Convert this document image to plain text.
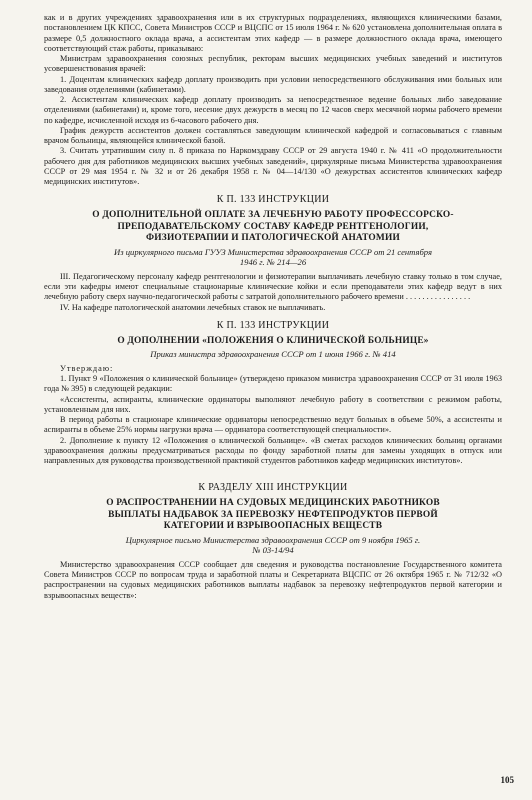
как и в других учреждениях здравоохранения или в их структурных подразделениях, являющихся клиническими базами, постановлением ЦК КПСС, Совета Министров СССР и ВЦСПС от 15 июля 1964 г. № 620 установлена дополнительная оплата в размере 0,5 должностного оклада врача, а ассистентам этих кафедр — в размере должностного оклада врача, имеющего соответствующий стаж работы, приказываю:

Министрам здравоохранения союзных республик, ректорам высших медицинских учебных заведений и институтов усовершенствования врачей:

1. Доцентам клинических кафедр доплату производить при условии непосредственного обслуживания ими больных или заведования отделениями (кабинетами).

2. Ассистентам клинических кафедр доплату производить за непосредственное ведение больных либо заведование отделениями (кабинетами) и, кроме того, несение двух дежурств в месяц по 12 часов сверх месячной нормы рабочего времени по кафедре, исчисленной исходя из 6-часового рабочего дня.

График дежурств ассистентов должен составляться заведующим клинической кафедрой и согласовываться с главным врачом больницы, являющейся клинической базой.

3. Считать утратившим силу п. 8 приказа по Наркомздраву СССР от 29 августа 1940 г. № 411 «О продолжительности рабочего дня для работников медицинских высших учебных заведений», циркулярные письма Министерства здравоохранения СССР от 29 мая 1954 г. № 32 и от 26 декабря 1958 г. № 04—14/130 «О дежурствах ассистентов клинических кафедр медицинских институтов».

К П. 133 ИНСТРУКЦИИ
О ДОПОЛНИТЕЛЬНОЙ ОПЛАТЕ ЗА ЛЕЧЕБНУЮ РАБОТУ ПРОФЕССОРСКО-
ПРЕПОДАВАТЕЛЬСКОМУ СОСТАВУ КАФЕДР РЕНТГЕНОЛОГИИ,
ФИЗИОТЕРАПИИ И ПАТОЛОГИЧЕСКОЙ АНАТОМИИ
Из циркулярного письма ГУУЗ Министерства здравоохранения СССР от 21 сентября
1946 г. № 214—26

III. Педагогическому персоналу кафедр рентгенологии и физиотерапии выплачивать лечебную ставку только в том случае, если эти кафедры имеют специальные стационарные клинические койки и если преподаватели этих кафедр ведут в них лечебную работу сверх научно-педагогической работы с затратой дополнительного рабочего времени . . . . . . . . . . . . . . . .

IV. На кафедре патологической анатомии лечебных ставок не выплачивать.

К П. 133 ИНСТРУКЦИИ
О ДОПОЛНЕНИИ «ПОЛОЖЕНИЯ О КЛИНИЧЕСКОЙ БОЛЬНИЦЕ»
Приказ министра здравоохранения СССР от 1 июня 1966 г. № 414

Утверждаю:

1. Пункт 9 «Положения о клинической больнице» (утверждено приказом министра здравоохранения СССР от 31 июля 1963 года № 395) в следующей редакции:

«Ассистенты, аспиранты, клинические ординаторы выполняют лечебную работу в соответствии с режимом работы, установленным для них.

В период работы в стационаре клинические ординаторы непосредственно ведут больных в объеме 50%, а ассистенты и аспиранты в объеме 25% нормы нагрузки врача — ординатора соответствующей специальности».

2. Дополнение к пункту 12 «Положения о клинической больнице». «В сметах расходов клинических больниц органами здравоохранения должны предусматриваться расходы по фонду заработной платы для замены уходящих в отпуск или направленных для руководства производственной практикой студентов работников кафедр медицинских институтов».

К РАЗДЕЛУ XIII ИНСТРУКЦИИ
О РАСПРОСТРАНЕНИИ НА СУДОВЫХ МЕДИЦИНСКИХ РАБОТНИКОВ
ВЫПЛАТЫ НАДБАВОК ЗА ПЕРЕВОЗКУ НЕФТЕПРОДУКТОВ ПЕРВОЙ
КАТЕГОРИИ И ВЗРЫВООПАСНЫХ ВЕЩЕСТВ
Циркулярное письмо Министерства здравоохранения СССР от 9 ноября 1965 г.
№ 03-14/94

Министерство здравоохранения СССР сообщает для сведения и руководства постановление Государственного комитета Совета Министров СССР по вопросам труда и заработной платы и Секретариата ВЦСПС от 26 октября 1965 г. № 712/32 «О распространении на судовых медицинских работников выплаты надбавок за перевозку нефтепродуктов первой категории и взрывоопасных веществ»:

105
